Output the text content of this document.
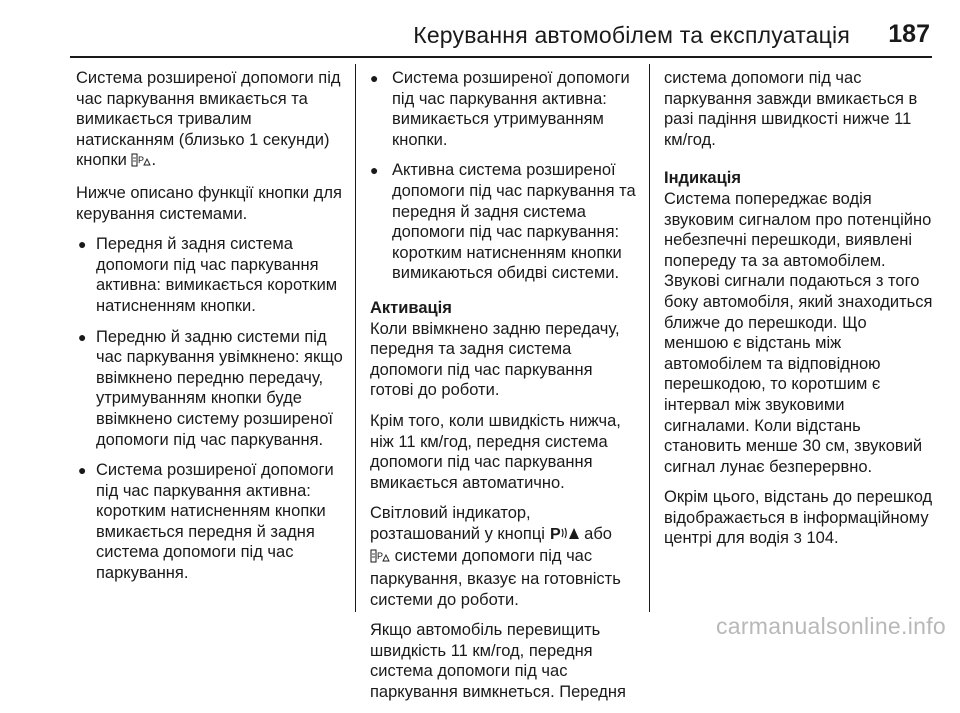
Керування автомобілем та експлуатація 187

Система розширеної допомоги під час паркування вмикається та вимикається тривалим натисканням (близько 1 секунди) кнопки P .

Нижче описано функції кнопки для керування системами.

● Передня й задня система допомоги під час паркування активна: вимикається коротким натисненням кнопки.
● Передню й задню системи під час паркування увімкнено: якщо ввімкнено передню передачу, утримуванням кнопки буде ввімкнено систему розширеної допомоги під час паркування.
● Система розширеної допомоги під час паркування активна: коротким натисненням кнопки вмикається передня й задня система допомоги під час паркування.
● Система розширеної допомоги під час паркування активна: вимикається утримуванням кнопки.
● Активна система розширеної допомоги під час паркування та передня й задня система допомоги під час паркування: коротким натисненням кнопки вимикаються обидві системи.
Активація

Коли ввімкнено задню передачу, передня та задня система допомоги під час паркування готові до роботи.

Крім того, коли швидкість нижча, ніж 11 км/год, передня система допомоги під час паркування вмикається автоматично.

Світловий індикатор, розташований у кнопці P або
P системи допомоги під час паркування, вказує на готовність системи до роботи.

Якщо автомобіль перевищить швидкість 11 км/год, передня система допомоги під час паркування вимкнеться. Передня

система допомоги під час паркування завжди вмикається в разі падіння швидкості нижче 11 км/год.

Індикація

Система попереджає водія звуковим сигналом про потенційно небезпечні перешкоди, виявлені попереду та за автомобілем. Звукові сигнали подаються з того боку автомобіля, який знаходиться ближче до перешкоди. Що меншою є відстань між автомобілем та відповідною перешкодою, то коротшим є інтервал між звуковими сигналами. Коли відстань становить менше 30 см, звуковий сигнал лунає безперервно.

Окрім цього, відстань до перешкод відображається в інформаційному центрі для водія 3 104.

carmanualsonline.info
